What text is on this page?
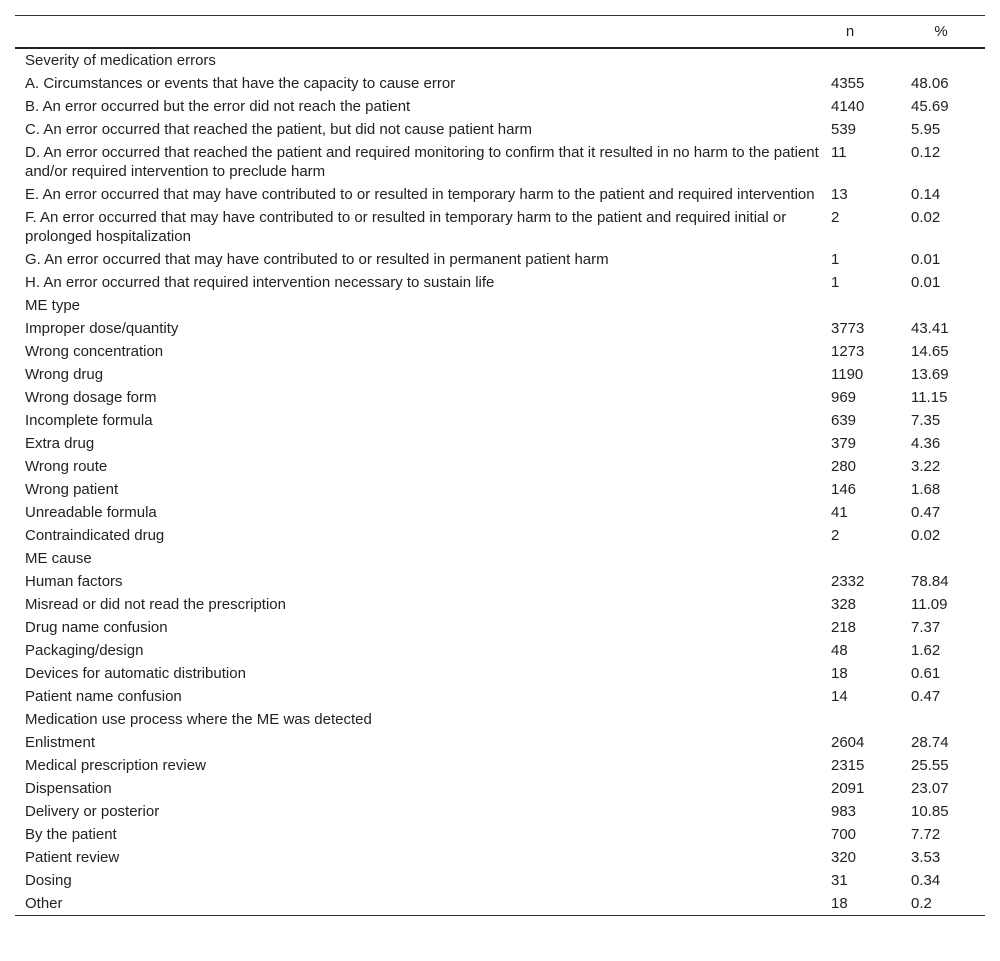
	n	%
Severity of medication errors		
A. Circumstances or events that have the capacity to cause error	4355	48.06
B. An error occurred but the error did not reach the patient	4140	45.69
C. An error occurred that reached the patient, but did not cause patient harm	539	5.95
D. An error occurred that reached the patient and required monitoring to confirm that it resulted in no harm to the patient and/or required intervention to preclude harm	11	0.12
E. An error occurred that may have contributed to or resulted in temporary harm to the patient and required intervention	13	0.14
F. An error occurred that may have contributed to or resulted in temporary harm to the patient and required initial or prolonged hospitalization	2	0.02
G. An error occurred that may have contributed to or resulted in permanent patient harm	1	0.01
H. An error occurred that required intervention necessary to sustain life	1	0.01
ME type		
Improper dose/quantity	3773	43.41
Wrong concentration	1273	14.65
Wrong drug	1190	13.69
Wrong dosage form	969	11.15
Incomplete formula	639	7.35
Extra drug	379	4.36
Wrong route	280	3.22
Wrong patient	146	1.68
Unreadable formula	41	0.47
Contraindicated drug	2	0.02
ME cause		
Human factors	2332	78.84
Misread or did not read the prescription	328	11.09
Drug name confusion	218	7.37
Packaging/design	48	1.62
Devices for automatic distribution	18	0.61
Patient name confusion	14	0.47
Medication use process where the ME was detected		
Enlistment	2604	28.74
Medical prescription review	2315	25.55
Dispensation	2091	23.07
Delivery or posterior	983	10.85
By the patient	700	7.72
Patient review	320	3.53
Dosing	31	0.34
Other	18	0.2
